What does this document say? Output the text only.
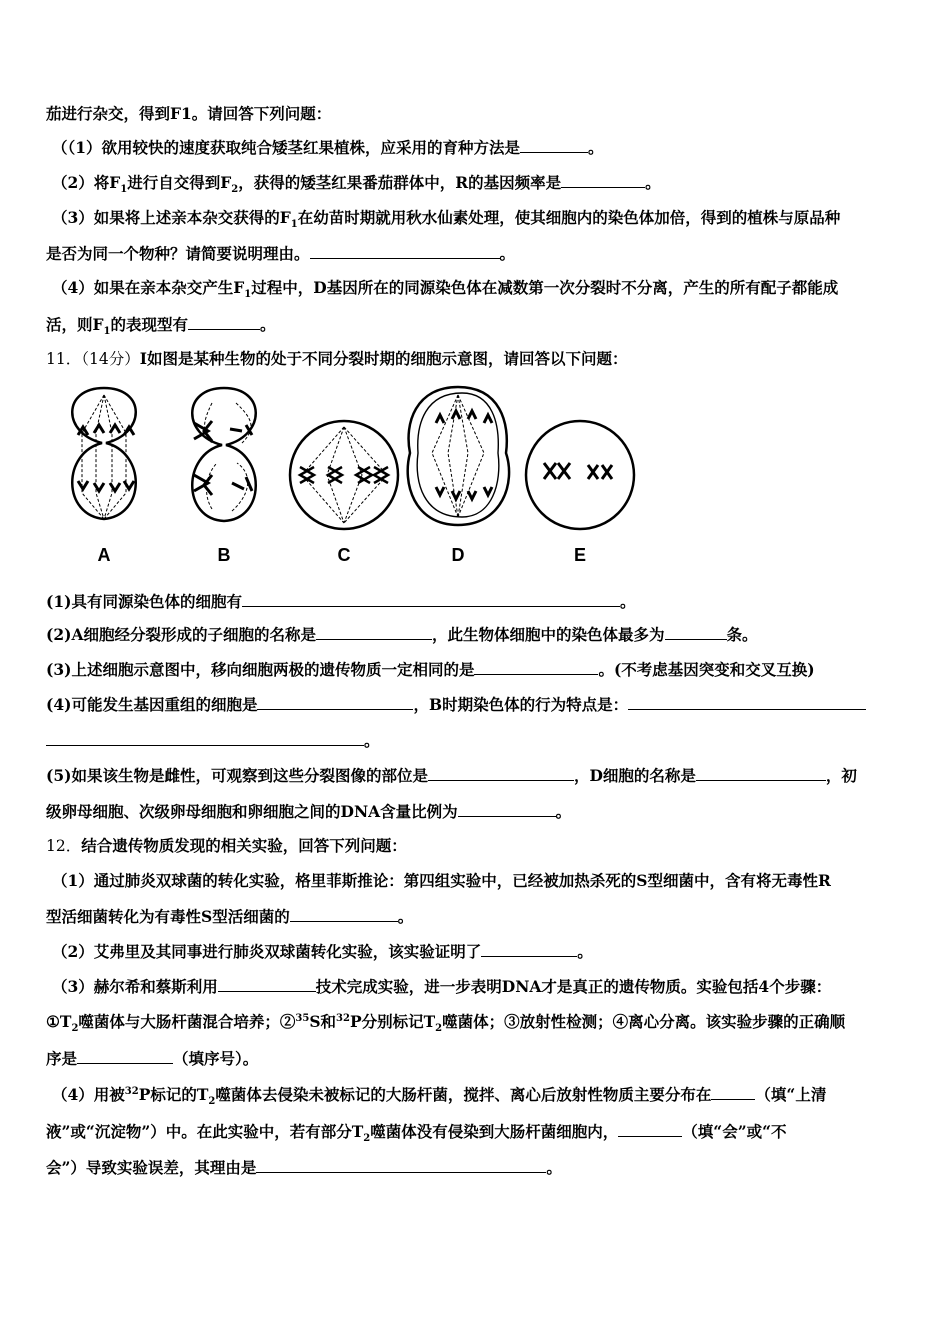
茄进行杂交，得到F1。请回答下列问题：
（（1）欲用较快的速度获取纯合矮茎红果植株，应采用的育种方法是	。
（2）将$F_1$进行自交得到$F_2$，获得的矮茎红果番茄群体中，R的基因频率是	。
（3）如果将上述亲本杂交获得的$F_1$在幼苗时期就用秋水仙素处理，使其细胞内的染色体加倍，得到的植株与原品种
是否为同一个物种？请简要说明理由。	。
（4）如果在亲本杂交产生$F_1$过程中，D基因所在的同源染色体在减数第一次分裂时不分离，产生的所有配子都能成
活，则$F_1$的表现型有	。
11．（14分）I如图是某种生物的处于不同分裂时期的细胞示意图，请回答以下问题：
A	B	C	D	E
(1)具有同源染色体的细胞有	。
(2)A细胞经分裂形成的子细胞的名称是	，此生物体细胞中的染色体最多为	条。
(3)上述细胞示意图中，移向细胞两极的遗传物质一定相同的是	。(不考虑基因突变和交叉互换)
(4)可能发生基因重组的细胞是	，B时期染色体的行为特点是：
。
(5)如果该生物是雌性，可观察到这些分裂图像的部位是	，D细胞的名称是	，初
级卵母细胞、次级卵母细胞和卵细胞之间的DNA含量比例为	。
12．结合遗传物质发现的相关实验，回答下列问题：
（1）通过肺炎双球菌的转化实验，格里菲斯推论：第四组实验中，已经被加热杀死的S型细菌中，含有将无毒性R
型活细菌转化为有毒性S型活细菌的	。
（2）艾弗里及其同事进行肺炎双球菌转化实验，该实验证明了	。
（3）赫尔希和蔡斯利用	技术完成实验，进一步表明DNA才是真正的遗传物质。实验包括4个步骤：
$①T_2$噬菌体与大肠杆菌混合培养；②$^{35}$S和$^{32}$P分别标记$T_2$噬菌体；③放射性检测；④离心分离。该实验步骤的正确顺
序是	（填序号）。
（4）用被$^{32}$P标记的$T_2$噬菌体去侵染未被标记的大肠杆菌，搅拌、离心后放射性物质主要分布在	（填“上清
液”或“沉淀物”）中。在此实验中，若有部分$T_2$噬菌体没有侵染到大肠杆菌细胞内，	（填“会”或“不
会”）导致实验误差，其理由是	。
